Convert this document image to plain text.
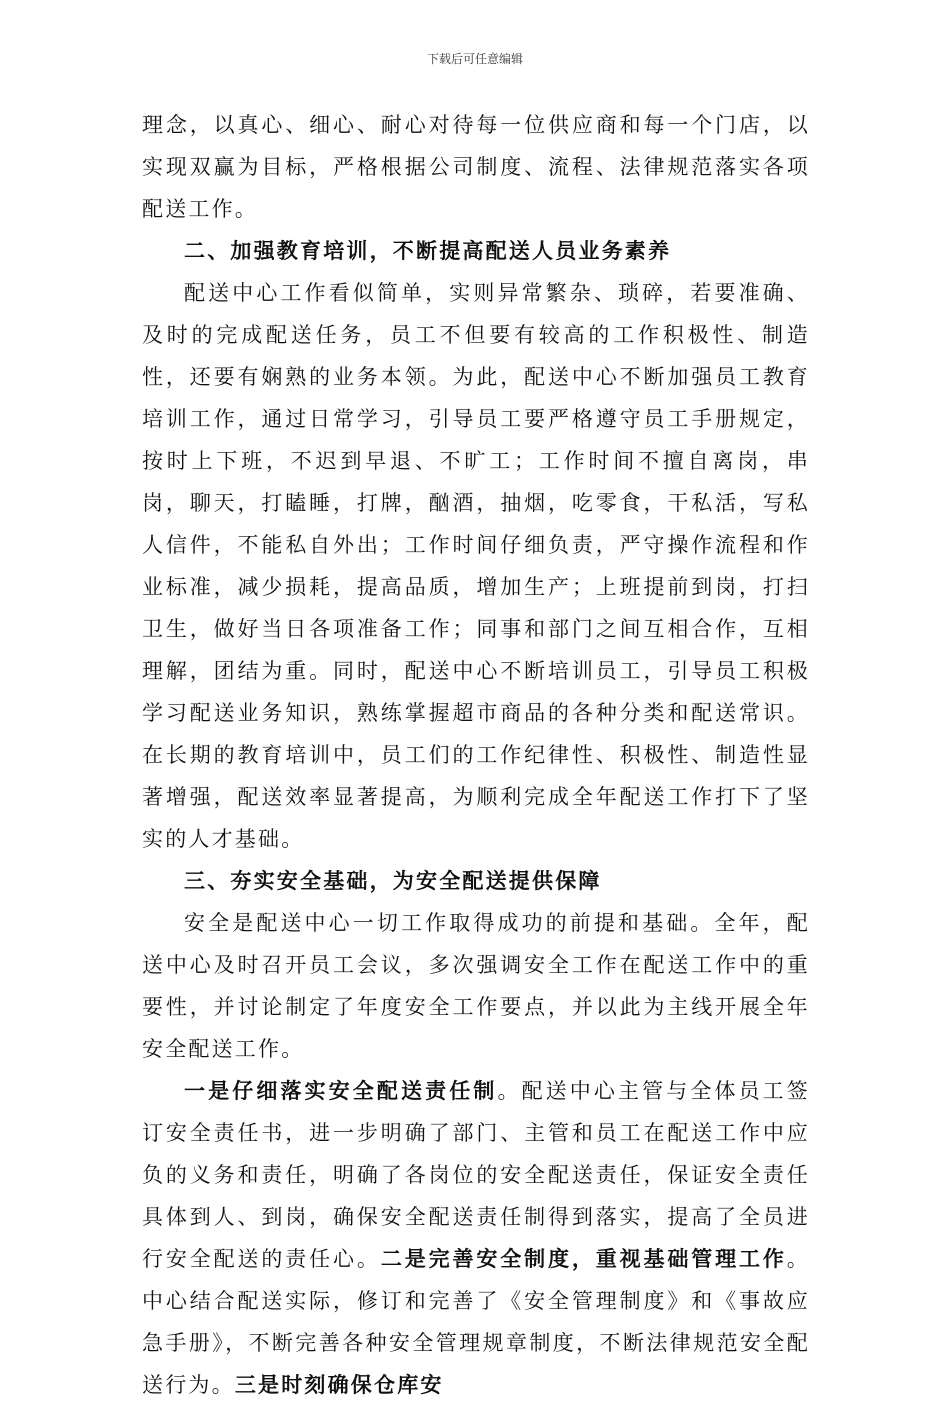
下载后可任意编辑

理念，以真心、细心、耐心对待每一位供应商和每一个门店，以实现双赢为目标，严格根据公司制度、流程、法律规范落实各项配送工作。

二、加强教育培训，不断提高配送人员业务素养

配送中心工作看似简单，实则异常繁杂、琐碎，若要准确、及时的完成配送任务，员工不但要有较高的工作积极性、制造性，还要有娴熟的业务本领。为此，配送中心不断加强员工教育培训工作，通过日常学习，引导员工要严格遵守员工手册规定，按时上下班，不迟到早退、不旷工；工作时间不擅自离岗，串岗，聊天，打瞌睡，打牌，酗酒，抽烟，吃零食，干私活，写私人信件，不能私自外出；工作时间仔细负责，严守操作流程和作业标准，减少损耗，提高品质，增加生产；上班提前到岗，打扫卫生，做好当日各项准备工作；同事和部门之间互相合作，互相理解，团结为重。同时，配送中心不断培训员工，引导员工积极学习配送业务知识，熟练掌握超市商品的各种分类和配送常识。在长期的教育培训中，员工们的工作纪律性、积极性、制造性显著增强，配送效率显著提高，为顺利完成全年配送工作打下了坚实的人才基础。

三、夯实安全基础，为安全配送提供保障

安全是配送中心一切工作取得成功的前提和基础。全年，配送中心及时召开员工会议，多次强调安全工作在配送工作中的重要性，并讨论制定了年度安全工作要点，并以此为主线开展全年安全配送工作。

一是仔细落实安全配送责任制。配送中心主管与全体员工签订安全责任书，进一步明确了部门、主管和员工在配送工作中应负的义务和责任，明确了各岗位的安全配送责任，保证安全责任具体到人、到岗，确保安全配送责任制得到落实，提高了全员进行安全配送的责任心。二是完善安全制度，重视基础管理工作。中心结合配送实际，修订和完善了《安全管理制度》和《事故应急手册》，不断完善各种安全管理规章制度，不断法律规范安全配送行为。三是时刻确保仓库安
